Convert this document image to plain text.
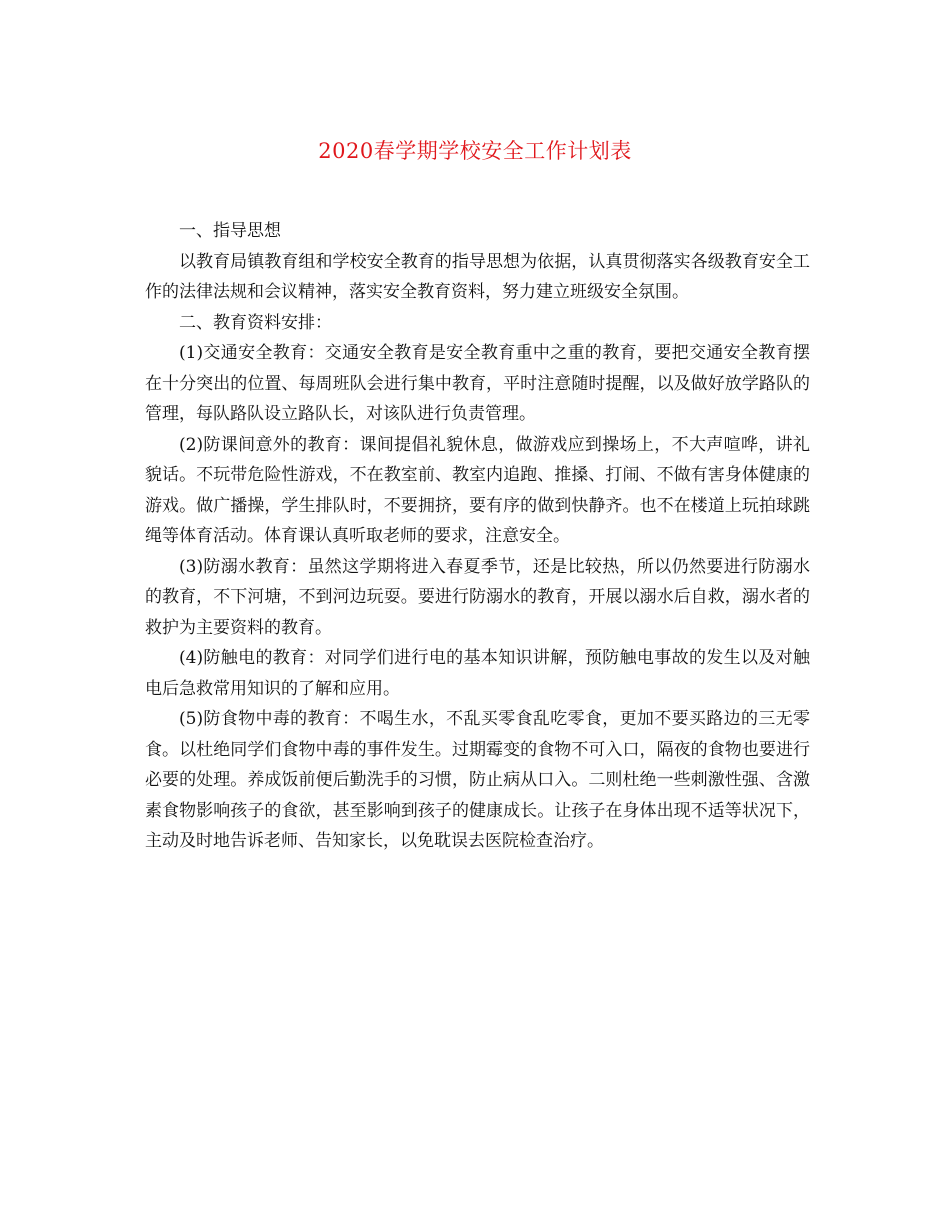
2020春学期学校安全工作计划表

一、指导思想

以教育局镇教育组和学校安全教育的指导思想为依据，认真贯彻落实各级教育安全工作的法律法规和会议精神，落实安全教育资料，努力建立班级安全氛围。

二、教育资料安排：

(1)交通安全教育：交通安全教育是安全教育重中之重的教育，要把交通安全教育摆在十分突出的位置、每周班队会进行集中教育，平时注意随时提醒，以及做好放学路队的管理，每队路队设立路队长，对该队进行负责管理。

(2)防课间意外的教育：课间提倡礼貌休息，做游戏应到操场上，不大声喧哗，讲礼貌话。不玩带危险性游戏，不在教室前、教室内追跑、推搡、打闹、不做有害身体健康的游戏。做广播操，学生排队时，不要拥挤，要有序的做到快静齐。也不在楼道上玩拍球跳绳等体育活动。体育课认真听取老师的要求，注意安全。

(3)防溺水教育：虽然这学期将进入春夏季节，还是比较热，所以仍然要进行防溺水的教育，不下河塘，不到河边玩耍。要进行防溺水的教育，开展以溺水后自救，溺水者的救护为主要资料的教育。

(4)防触电的教育：对同学们进行电的基本知识讲解，预防触电事故的发生以及对触电后急救常用知识的了解和应用。

(5)防食物中毒的教育：不喝生水，不乱买零食乱吃零食，更加不要买路边的三无零食。以杜绝同学们食物中毒的事件发生。过期霉变的食物不可入口，隔夜的食物也要进行必要的处理。养成饭前便后勤洗手的习惯，防止病从口入。二则杜绝一些刺激性强、含激素食物影响孩子的食欲，甚至影响到孩子的健康成长。让孩子在身体出现不适等状况下，主动及时地告诉老师、告知家长，以免耽误去医院检查治疗。
